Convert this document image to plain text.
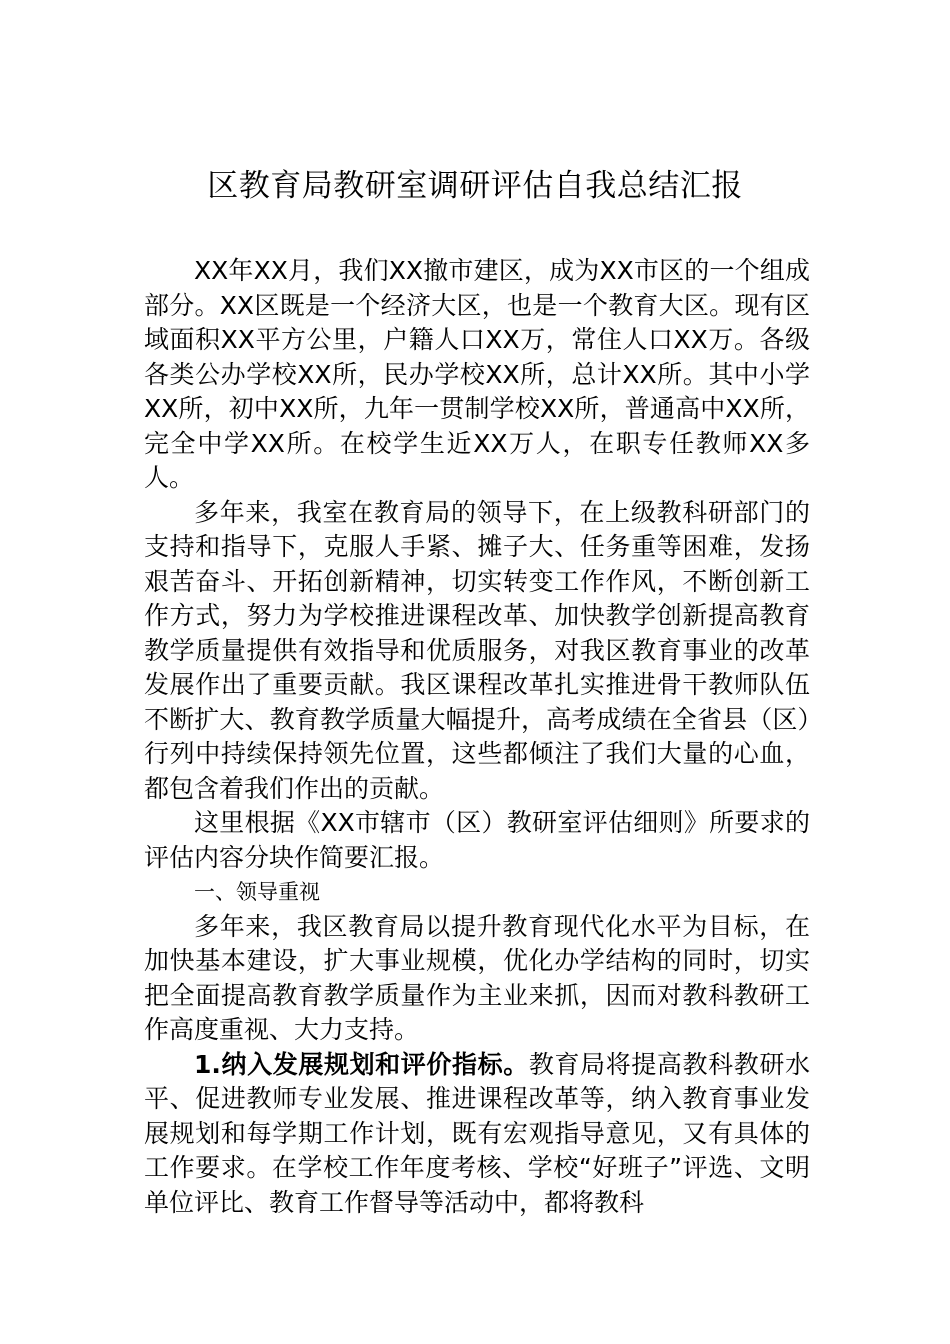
区教育局教研室调研评估自我总结汇报

XX年XX月，我们XX撤市建区，成为XX市区的一个组成部分。XX区既是一个经济大区，也是一个教育大区。现有区域面积XX平方公里，户籍人口XX万，常住人口XX万。各级各类公办学校XX所，民办学校XX所，总计XX所。其中小学XX所，初中XX所，九年一贯制学校XX所，普通高中XX所，完全中学XX所。在校学生近XX万人，在职专任教师XX多人。

多年来，我室在教育局的领导下，在上级教科研部门的支持和指导下，克服人手紧、摊子大、任务重等困难，发扬艰苦奋斗、开拓创新精神，切实转变工作作风，不断创新工作方式，努力为学校推进课程改革、加快教学创新提高教育教学质量提供有效指导和优质服务，对我区教育事业的改革发展作出了重要贡献。我区课程改革扎实推进骨干教师队伍不断扩大、教育教学质量大幅提升，高考成绩在全省县（区）行列中持续保持领先位置，这些都倾注了我们大量的心血，都包含着我们作出的贡献。

这里根据《XX市辖市（区）教研室评估细则》所要求的评估内容分块作简要汇报。

一、领导重视

多年来，我区教育局以提升教育现代化水平为目标，在加快基本建设，扩大事业规模，优化办学结构的同时，切实把全面提高教育教学质量作为主业来抓，因而对教科教研工作高度重视、大力支持。

1.纳入发展规划和评价指标。教育局将提高教科教研水平、促进教师专业发展、推进课程改革等，纳入教育事业发展规划和每学期工作计划，既有宏观指导意见，又有具体的工作要求。在学校工作年度考核、学校“好班子”评选、文明单位评比、教育工作督导等活动中，都将教科
